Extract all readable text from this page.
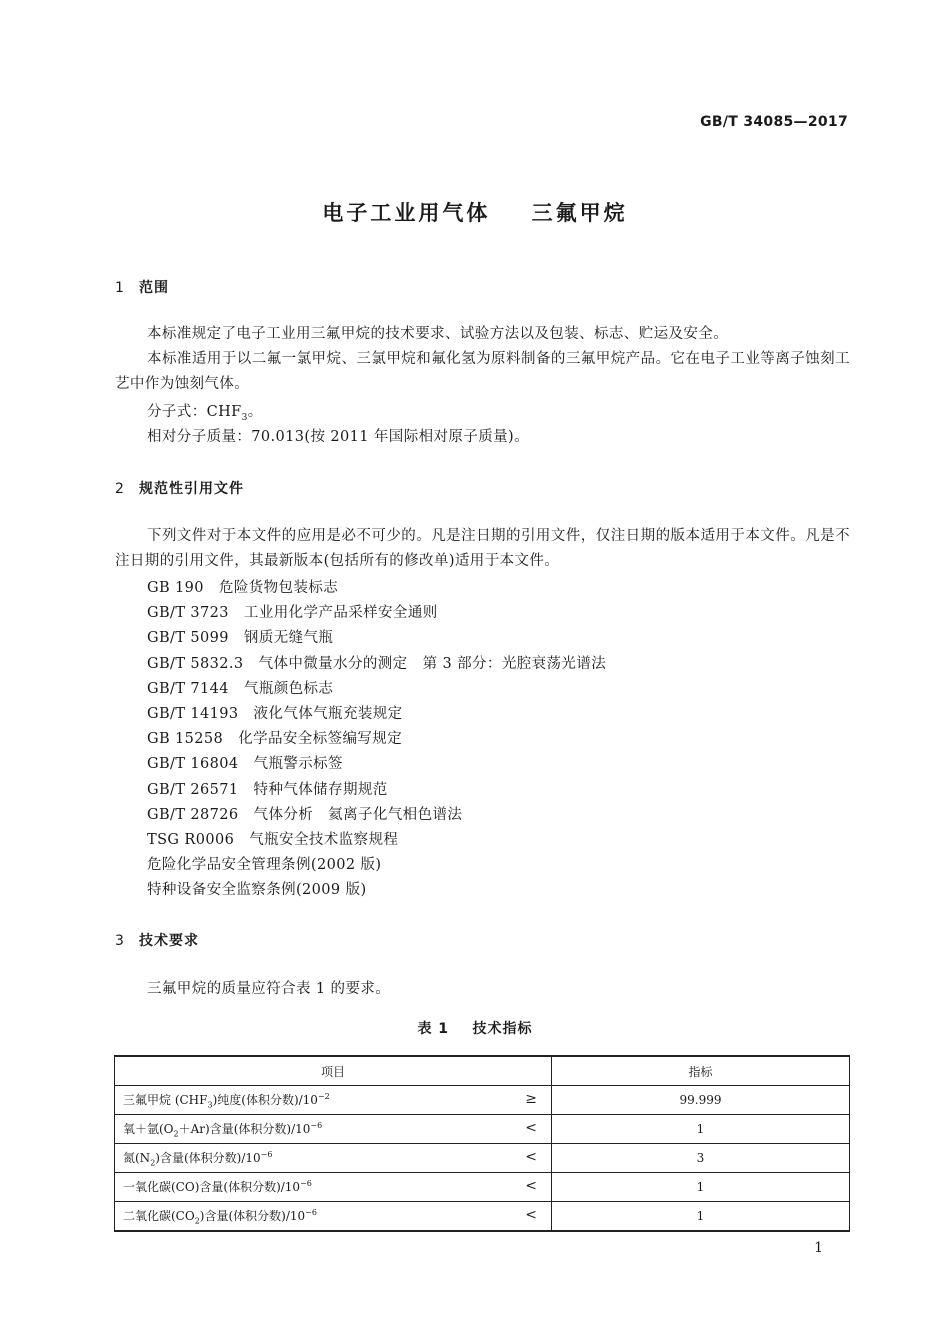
GB/T 34085—2017
电子工业用气体    三氟甲烷
1 范围
本标准规定了电子工业用三氟甲烷的技术要求、试验方法以及包装、标志、贮运及安全。
本标准适用于以二氟一氯甲烷、三氯甲烷和氟化氢为原料制备的三氟甲烷产品。它在电子工业等离子蚀刻工艺中作为蚀刻气体。
分子式：$CHF_3$。
相对分子质量：70.013(按 2011 年国际相对原子质量)。
2 规范性引用文件
下列文件对于本文件的应用是必不可少的。凡是注日期的引用文件，仅注日期的版本适用于本文件。凡是不注日期的引用文件，其最新版本(包括所有的修改单)适用于本文件。
GB 190   危险货物包装标志
GB/T 3723   工业用化学产品采样安全通则
GB/T 5099   钢质无缝气瓶
GB/T 5832.3   气体中微量水分的测定   第 3 部分：光腔衰荡光谱法
GB/T 7144   气瓶颜色标志
GB/T 14193   液化气体气瓶充装规定
GB 15258   化学品安全标签编写规定
GB/T 16804   气瓶警示标签
GB/T 26571   特种气体储存期规范
GB/T 28726   气体分析   氦离子化气相色谱法
TSG R0006   气瓶安全技术监察规程
危险化学品安全管理条例(2002 版)
特种设备安全监察条例(2009 版)
3 技术要求
三氟甲烷的质量应符合表 1 的要求。
表 1    技术指标
项目	指标
三氟甲烷 $(CHF_3)$纯度(体积分数)$/10^{-2}$ ≥	99.999
氧＋氩$(O_2+Ar)$含量(体积分数)$/10^{-6}$ <	1
氮$(N_2)$含量(体积分数)$/10^{-6}$ <	3
一氧化碳(CO)含量(体积分数)$/10^{-6}$ <	1
二氧化碳$(CO_2)$含量(体积分数)$/10^{-6}$ <	1
1
